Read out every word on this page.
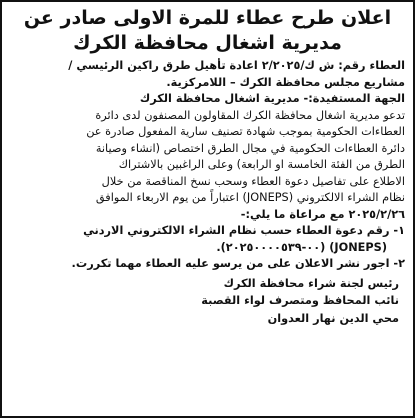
اعلان طرح عطاء للمرة الاولى صادر عن
مديرية اشغال محافظة الكرك

العطاء رقم: ش ك/٢/٢٠٢٥ اعادة تأهيل طرق راكين الرئيسي /

مشاريع مجلس محافظة الكرك – اللامركزية.

الجهة المستفيدة:- مديرية اشغال محافظة الكرك

تدعو مديرية اشغال محافظة الكرك المقاولون المصنفون لدى دائرة

العطاءات الحكومية بموجب شهادة تصنيف سارية المفعول صادرة عن

دائرة العطاءات الحكومية في مجال الطرق اختصاص (انشاء وصيانة

الطرق من الفئة الخامسة او الرابعة) وعلى الراغبين بالاشتراك

الاطلاع على تفاصيل دعوة العطاء وسحب نسخ المناقصة من خلال

نظام الشراء الالكتروني (JONEPS) اعتباراً من يوم الاربعاء الموافق

٢٠٢٥/٢/٢٦ مع مراعاة ما يلي:-

١- رقم دعوة العطاء حسب نظام الشراء الالكتروني الاردني

(JONEPS) (٠٠-٢٠٢٥٠٠٠٠٥٣٩).

٢- اجور نشر الاعلان على من يرسو عليه العطاء مهما تكررت.

رئيس لجنة شراء محافظة الكرك

نائب المحافظ ومتصرف لواء القصبة

محي الدين نهار العدوان
